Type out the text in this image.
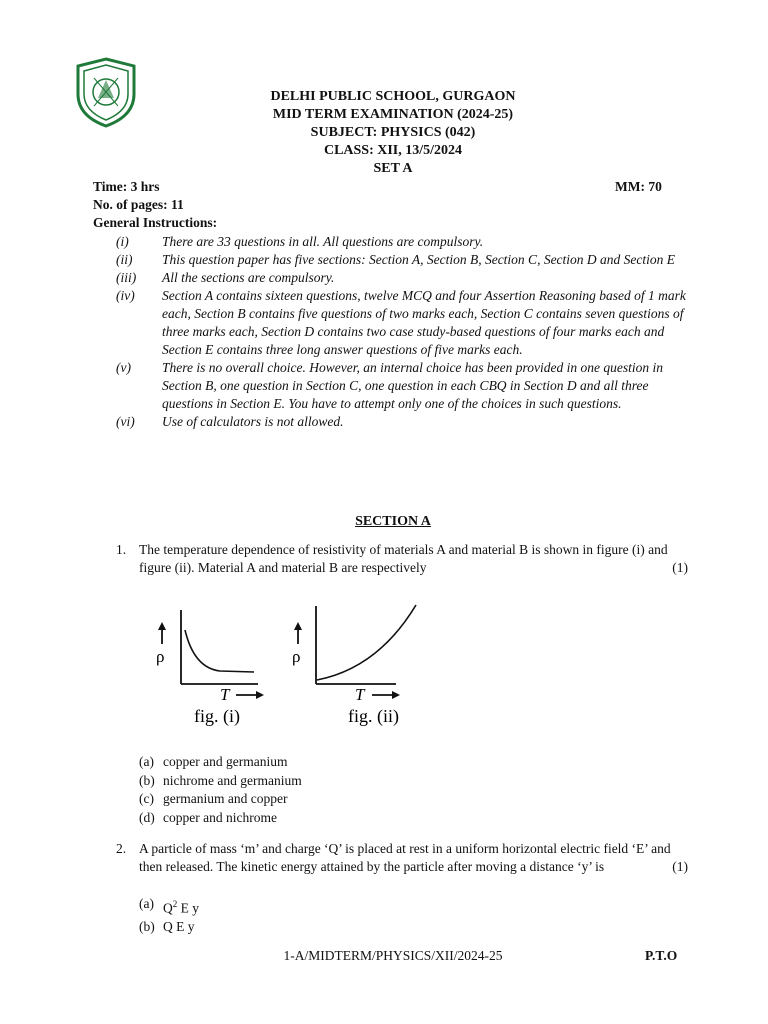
DELHI PUBLIC SCHOOL, GURGAON
MID TERM EXAMINATION (2024-25)
SUBJECT: PHYSICS (042)
CLASS: XII, 13/5/2024
SET A
Time: 3 hrs	MM: 70
No. of pages: 11
General Instructions:
(i)	There are 33 questions in all. All questions are compulsory.
(ii)	This question paper has five sections: Section A, Section B, Section C, Section D and Section E
(iii)	All the sections are compulsory.
(iv)	Section A contains sixteen questions, twelve MCQ and four Assertion Reasoning based of 1 mark each, Section B contains five questions of two marks each, Section C contains seven questions of three marks each, Section D contains two case study-based questions of four marks each and Section E contains three long answer questions of five marks each.
(v)	There is no overall choice. However, an internal choice has been provided in one question in Section B, one question in Section C, one question in each CBQ in Section D and all three questions in Section E. You have to attempt only one of the choices in such questions.
(vi)	Use of calculators is not allowed.
SECTION A
1. The temperature dependence of resistivity of materials A and material B is shown in figure (i) and figure (ii). Material A and material B are respectively	(1)
ρ
T
fig. (i)
ρ
T
fig. (ii)
(a) copper and germanium
(b) nichrome and germanium
(c) germanium and copper
(d) copper and nichrome
2. A particle of mass ‘m’ and charge ‘Q’ is placed at rest in a uniform horizontal electric field ‘E’ and then released. The kinetic energy attained by the particle after moving a distance ‘y’ is	(1)
(a) $Q^2$ E y
(b) Q E y
1-A/MIDTERM/PHYSICS/XII/2024-25	P.T.O
